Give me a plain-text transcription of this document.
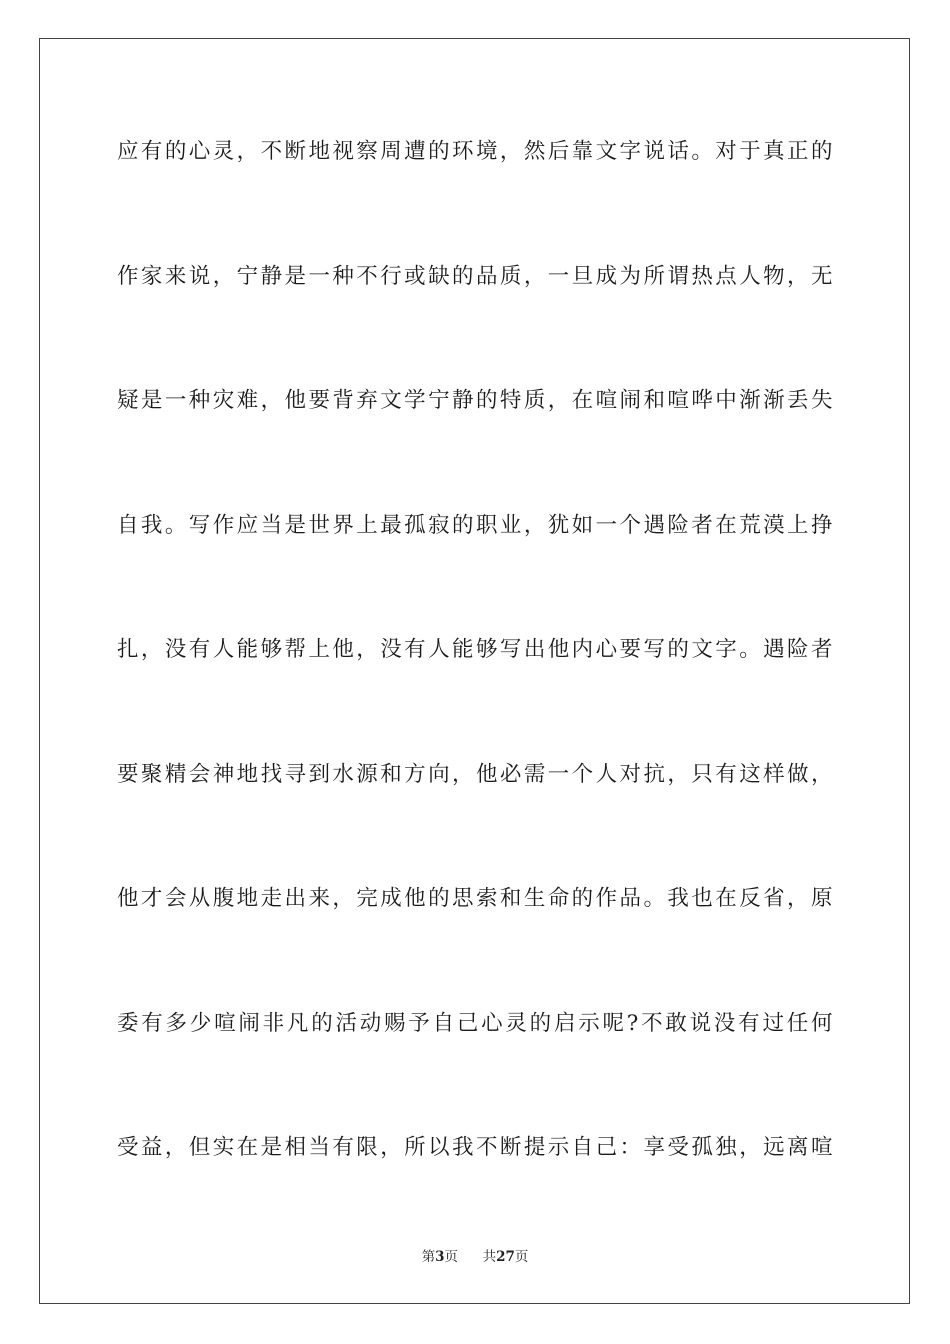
应有的心灵，不断地视察周遭的环境，然后靠文字说话。对于真正的
作家来说，宁静是一种不行或缺的品质，一旦成为所谓热点人物，无
疑是一种灾难，他要背弃文学宁静的特质，在喧闹和喧哗中渐渐丢失
自我。写作应当是世界上最孤寂的职业，犹如一个遇险者在荒漠上挣
扎，没有人能够帮上他，没有人能够写出他内心要写的文字。遇险者
要聚精会神地找寻到水源和方向，他必需一个人对抗，只有这样做，
他才会从腹地走出来，完成他的思索和生命的作品。我也在反省，原
委有多少喧闹非凡的活动赐予自己心灵的启示呢?不敢说没有过任何
受益，但实在是相当有限，所以我不断提示自己：享受孤独，远离喧
第3页 共27页
